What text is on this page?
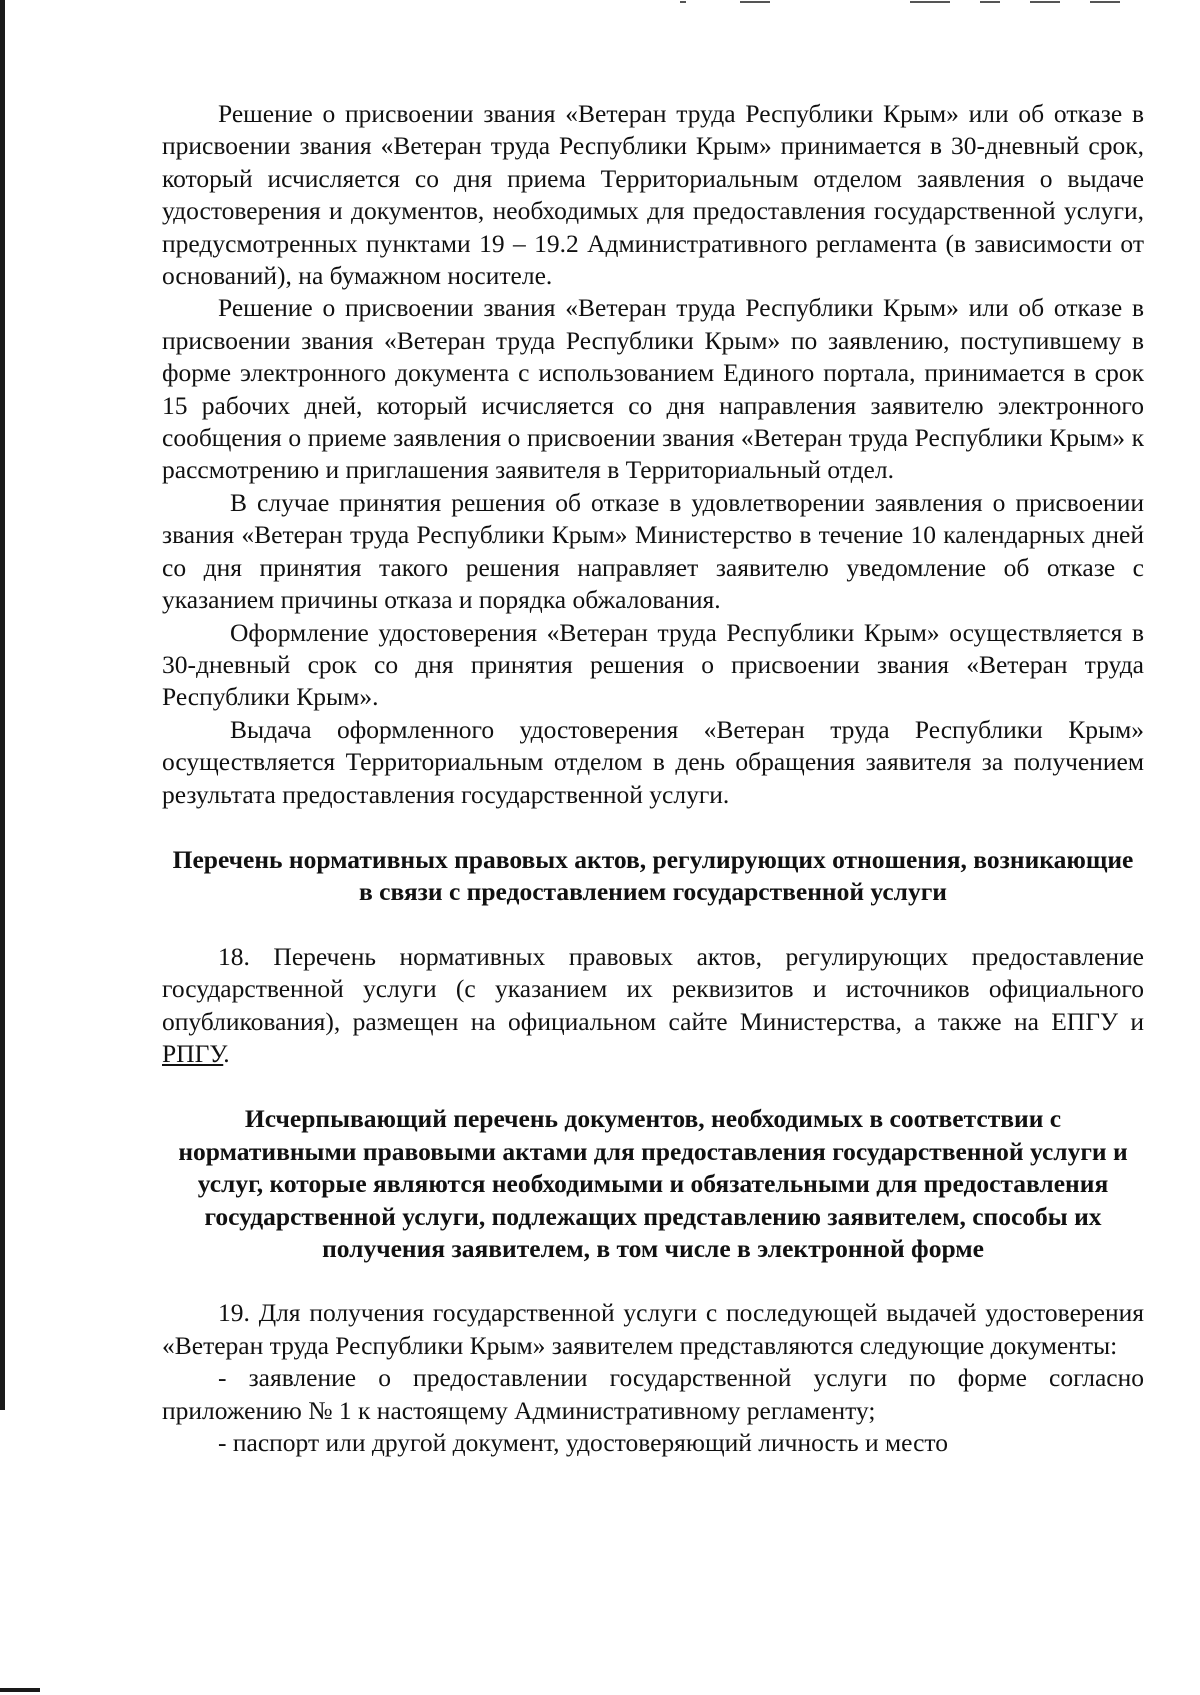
Решение о присвоении звания «Ветеран труда Республики Крым» или об отказе в присвоении звания «Ветеран труда Республики Крым» принимается в 30-дневный срок, который исчисляется со дня приема Территориальным отделом заявления о выдаче удостоверения и документов, необходимых для предоставления государственной услуги, предусмотренных пунктами 19 – 19.2 Административного регламента (в зависимости от оснований), на бумажном носителе.

Решение о присвоении звания «Ветеран труда Республики Крым» или об отказе в присвоении звания «Ветеран труда Республики Крым» по заявлению, поступившему в форме электронного документа с использованием Единого портала, принимается в срок 15 рабочих дней, который исчисляется со дня направления заявителю электронного сообщения о приеме заявления о присвоении звания «Ветеран труда Республики Крым» к рассмотрению и приглашения заявителя в Территориальный отдел.

В случае принятия решения об отказе в удовлетворении заявления о присвоении звания «Ветеран труда Республики Крым» Министерство в течение 10 календарных дней со дня принятия такого решения направляет заявителю уведомление об отказе с указанием причины отказа и порядка обжалования.

Оформление удостоверения «Ветеран труда Республики Крым» осуществляется в 30-дневный срок со дня принятия решения о присвоении звания «Ветеран труда Республики Крым».

Выдача оформленного удостоверения «Ветеран труда Республики Крым» осуществляется Территориальным отделом в день обращения заявителя за получением результата предоставления государственной услуги.

Перечень нормативных правовых актов, регулирующих отношения, возникающие в связи с предоставлением государственной услуги

18. Перечень нормативных правовых актов, регулирующих предоставление государственной услуги (с указанием их реквизитов и источников официального опубликования), размещен на официальном сайте Министерства, а также на ЕПГУ и РПГУ.

Исчерпывающий перечень документов, необходимых в соответствии с нормативными правовыми актами для предоставления государственной услуги и услуг, которые являются необходимыми и обязательными для предоставления государственной услуги, подлежащих представлению заявителем, способы их получения заявителем, в том числе в электронной форме

19. Для получения государственной услуги с последующей выдачей удостоверения «Ветеран труда Республики Крым» заявителем представляются следующие документы:

- заявление о предоставлении государственной услуги по форме согласно приложению № 1 к настоящему Административному регламенту;

- паспорт или другой документ, удостоверяющий личность и место
